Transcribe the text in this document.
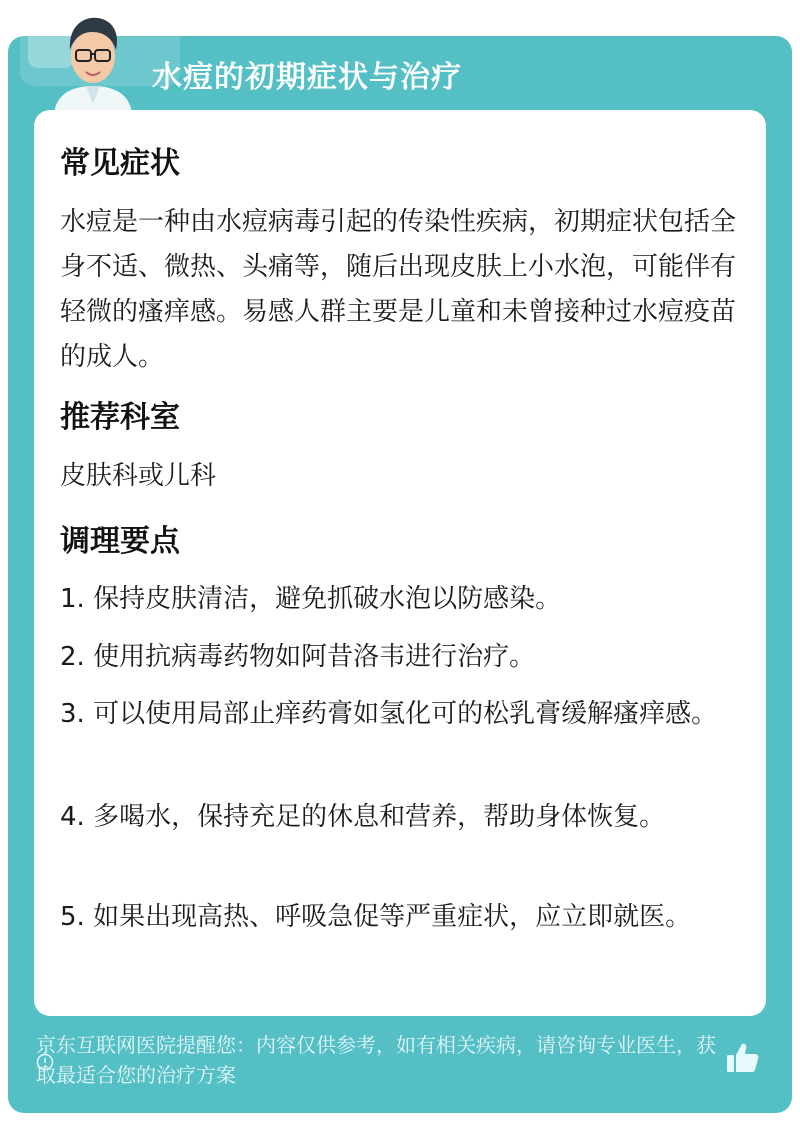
水痘的初期症状与治疗
常见症状
水痘是一种由水痘病毒引起的传染性疾病，初期症状包括全身不适、微热、头痛等，随后出现皮肤上小水泡，可能伴有轻微的瘙痒感。易感人群主要是儿童和未曾接种过水痘疫苗的成人。
推荐科室
皮肤科或儿科
调理要点
1. 保持皮肤清洁，避免抓破水泡以防感染。
2. 使用抗病毒药物如阿昔洛韦进行治疗。
3. 可以使用局部止痒药膏如氢化可的松乳膏缓解瘙痒感。
4. 多喝水，保持充足的休息和营养，帮助身体恢复。
5. 如果出现高热、呼吸急促等严重症状，应立即就医。
京东互联网医院提醒您：内容仅供参考，如有相关疾病，请咨询专业医生，获取最适合您的治疗方案
